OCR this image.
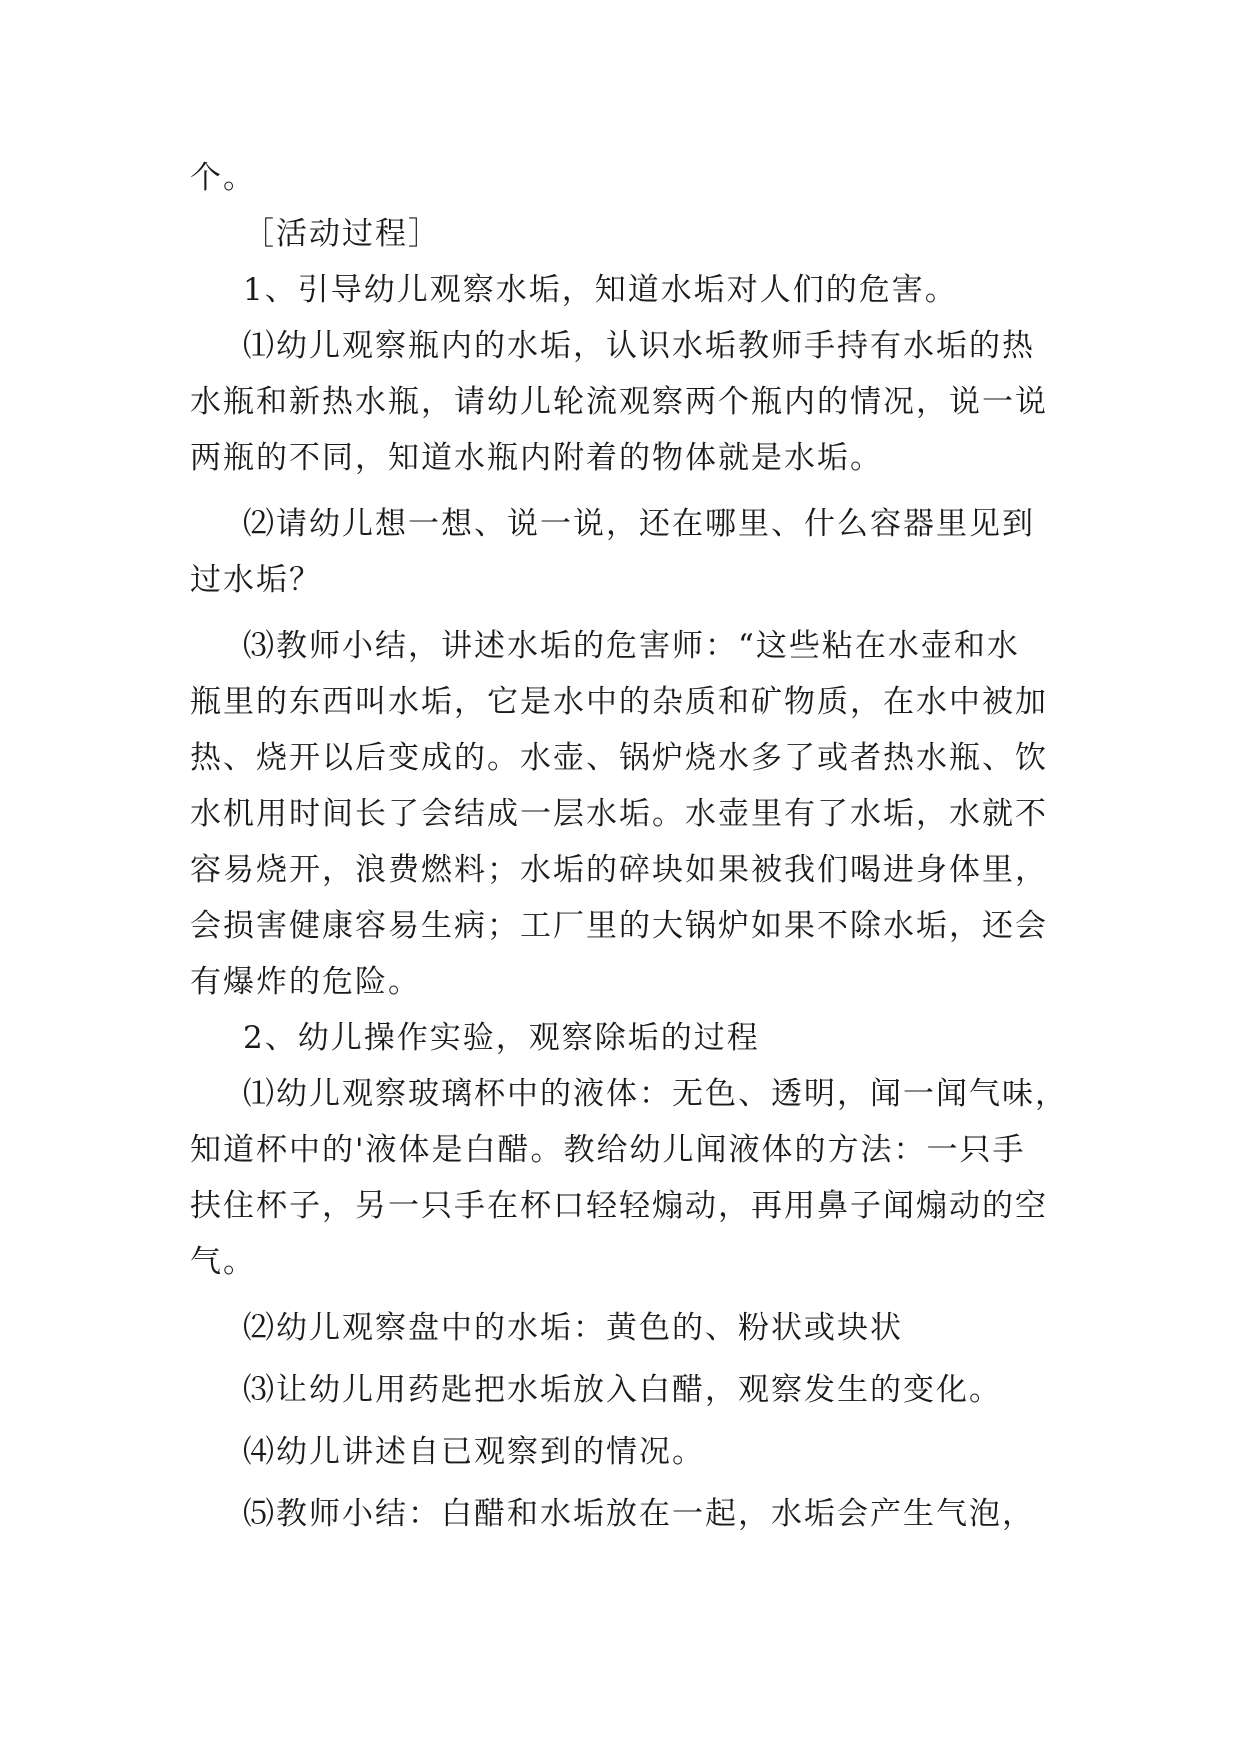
个。
［活动过程］
1、引导幼儿观察水垢，知道水垢对人们的危害。
⑴幼儿观察瓶内的水垢，认识水垢教师手持有水垢的热
水瓶和新热水瓶，请幼儿轮流观察两个瓶内的情况，说一说
两瓶的不同，知道水瓶内附着的物体就是水垢。
⑵请幼儿想一想、说一说，还在哪里、什么容器里见到
过水垢？
⑶教师小结，讲述水垢的危害师：“这些粘在水壶和水
瓶里的东西叫水垢，它是水中的杂质和矿物质，在水中被加
热、烧开以后变成的。水壶、锅炉烧水多了或者热水瓶、饮
水机用时间长了会结成一层水垢。水壶里有了水垢，水就不
容易烧开，浪费燃料；水垢的碎块如果被我们喝进身体里，
会损害健康容易生病；工厂里的大锅炉如果不除水垢，还会
有爆炸的危险。
2、幼儿操作实验，观察除垢的过程
⑴幼儿观察玻璃杯中的液体：无色、透明，闻一闻气味，
知道杯中的'液体是白醋。教给幼儿闻液体的方法：一只手
扶住杯子，另一只手在杯口轻轻煽动，再用鼻子闻煽动的空
气。
⑵幼儿观察盘中的水垢：黄色的、粉状或块状
⑶让幼儿用药匙把水垢放入白醋，观察发生的变化。
⑷幼儿讲述自已观察到的情况。
⑸教师小结：白醋和水垢放在一起，水垢会产生气泡，
